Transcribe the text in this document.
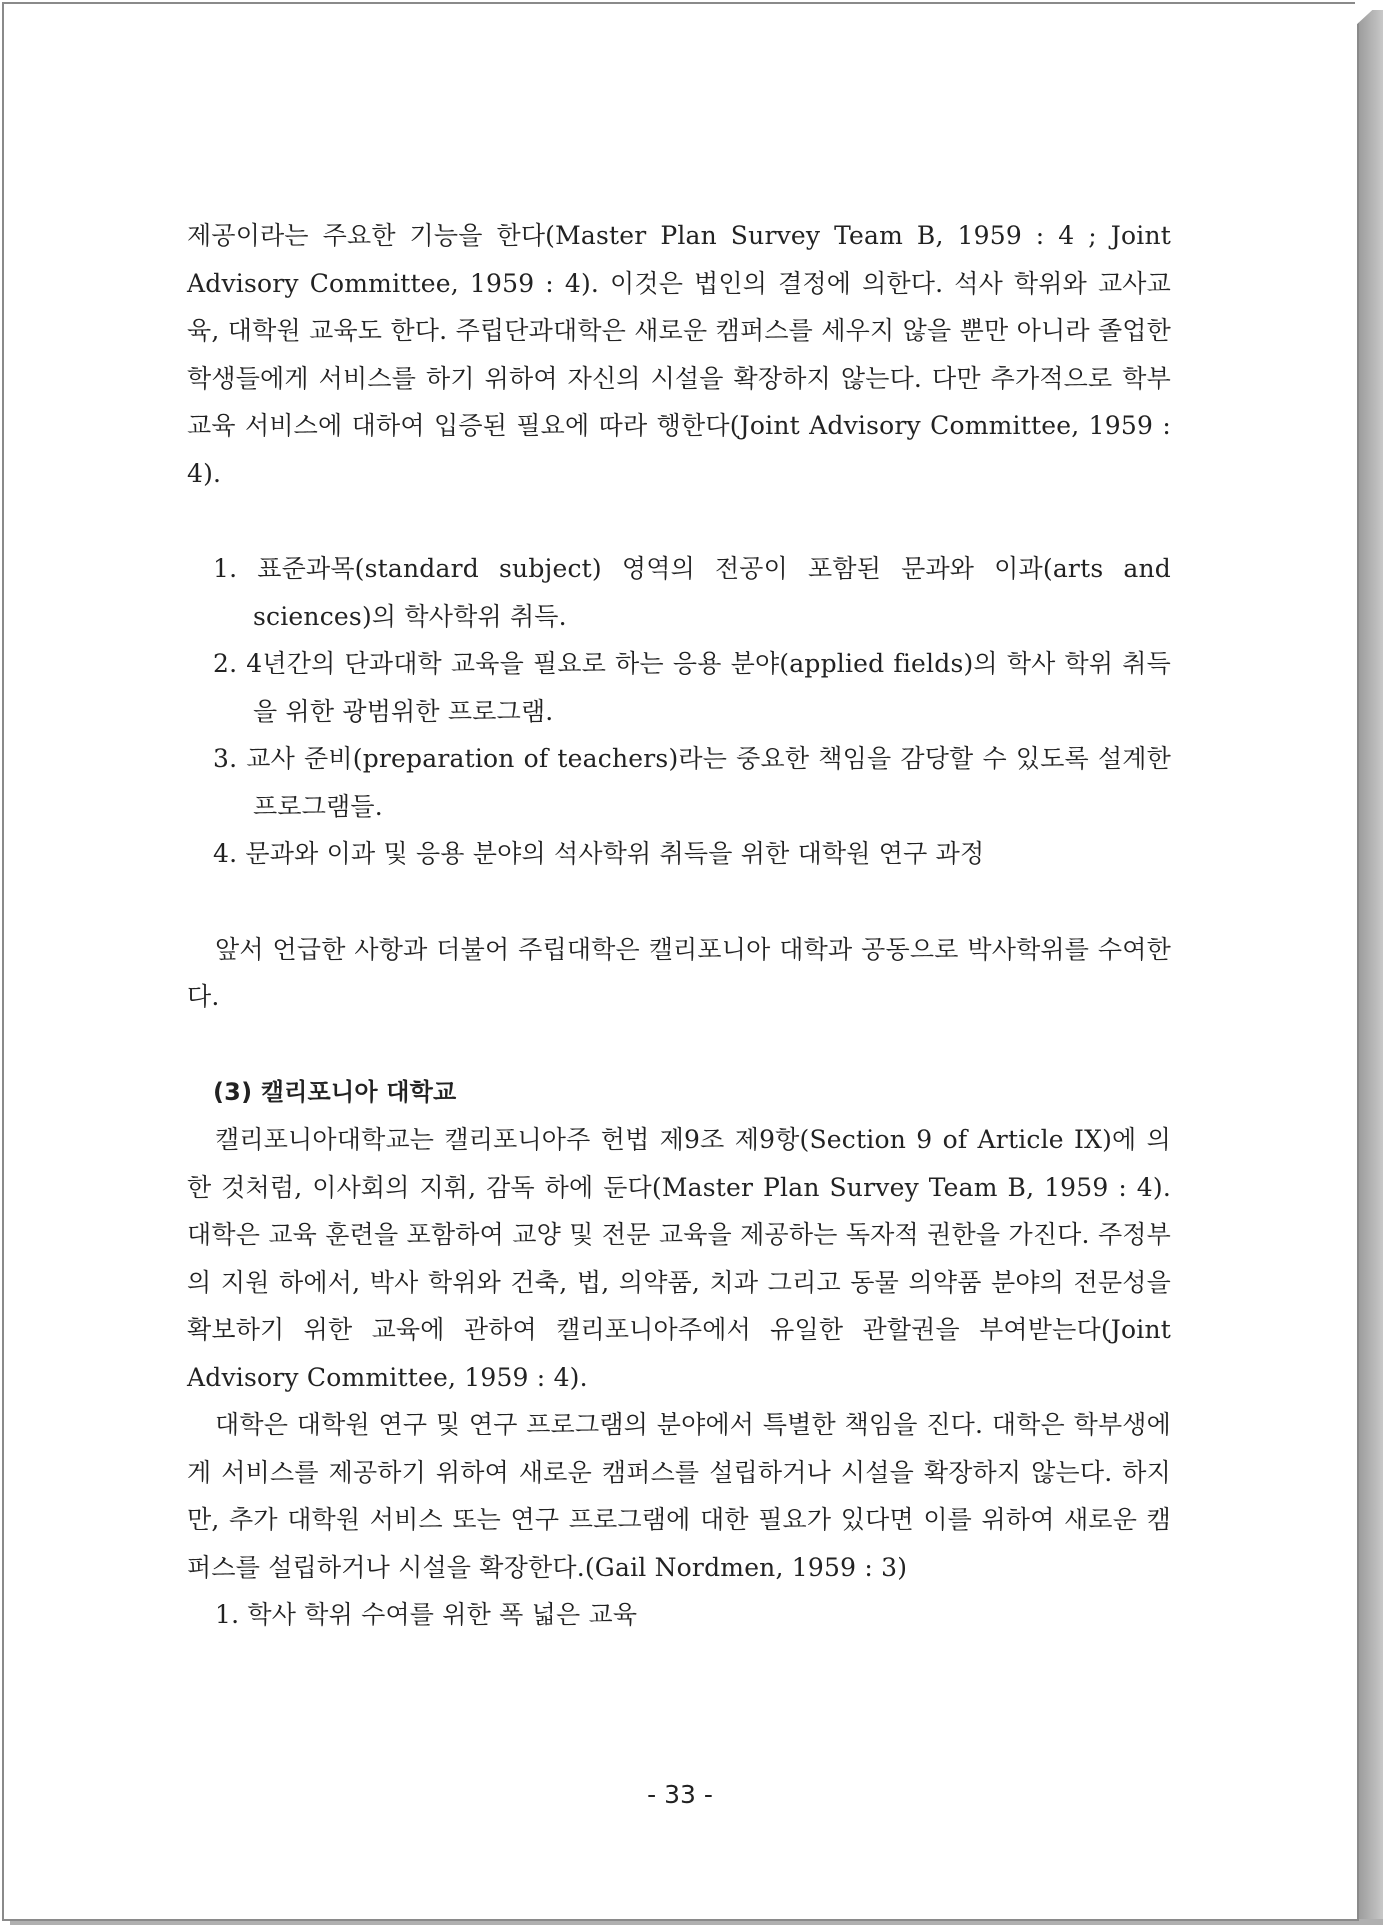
제공이라는 주요한 기능을 한다(Master Plan Survey Team B, 1959 : 4 ; Joint Advisory Committee, 1959 : 4). 이것은 법인의 결정에 의한다. 석사 학위와 교사교육, 대학원 교육도 한다. 주립단과대학은 새로운 캠퍼스를 세우지 않을 뿐만 아니라 졸업한 학생들에게 서비스를 하기 위하여 자신의 시설을 확장하지 않는다. 다만 추가적으로 학부 교육 서비스에 대하여 입증된 필요에 따라 행한다(Joint Advisory Committee, 1959 : 4).

1. 표준과목(standard subject) 영역의 전공이 포함된 문과와 이과(arts and sciences)의 학사학위 취득.
2. 4년간의 단과대학 교육을 필요로 하는 응용 분야(applied fields)의 학사 학위 취득을 위한 광범위한 프로그램.
3. 교사 준비(preparation of teachers)라는 중요한 책임을 감당할 수 있도록 설계한 프로그램들.
4. 문과와 이과 및 응용 분야의 석사학위 취득을 위한 대학원 연구 과정

앞서 언급한 사항과 더불어 주립대학은 캘리포니아 대학과 공동으로 박사학위를 수여한다.

(3) 캘리포니아 대학교

캘리포니아대학교는 캘리포니아주 헌법 제9조 제9항(Section 9 of Article IX)에 의한 것처럼, 이사회의 지휘, 감독 하에 둔다(Master Plan Survey Team B, 1959 : 4). 대학은 교육 훈련을 포함하여 교양 및 전문 교육을 제공하는 독자적 권한을 가진다. 주정부의 지원 하에서, 박사 학위와 건축, 법, 의약품, 치과 그리고 동물 의약품 분야의 전문성을 확보하기 위한 교육에 관하여 캘리포니아주에서 유일한 관할권을 부여받는다(Joint Advisory Committee, 1959 : 4).

대학은 대학원 연구 및 연구 프로그램의 분야에서 특별한 책임을 진다. 대학은 학부생에게 서비스를 제공하기 위하여 새로운 캠퍼스를 설립하거나 시설을 확장하지 않는다. 하지만, 추가 대학원 서비스 또는 연구 프로그램에 대한 필요가 있다면 이를 위하여 새로운 캠퍼스를 설립하거나 시설을 확장한다.(Gail Nordmen, 1959 : 3)

1. 학사 학위 수여를 위한 폭 넓은 교육

- 33 -
